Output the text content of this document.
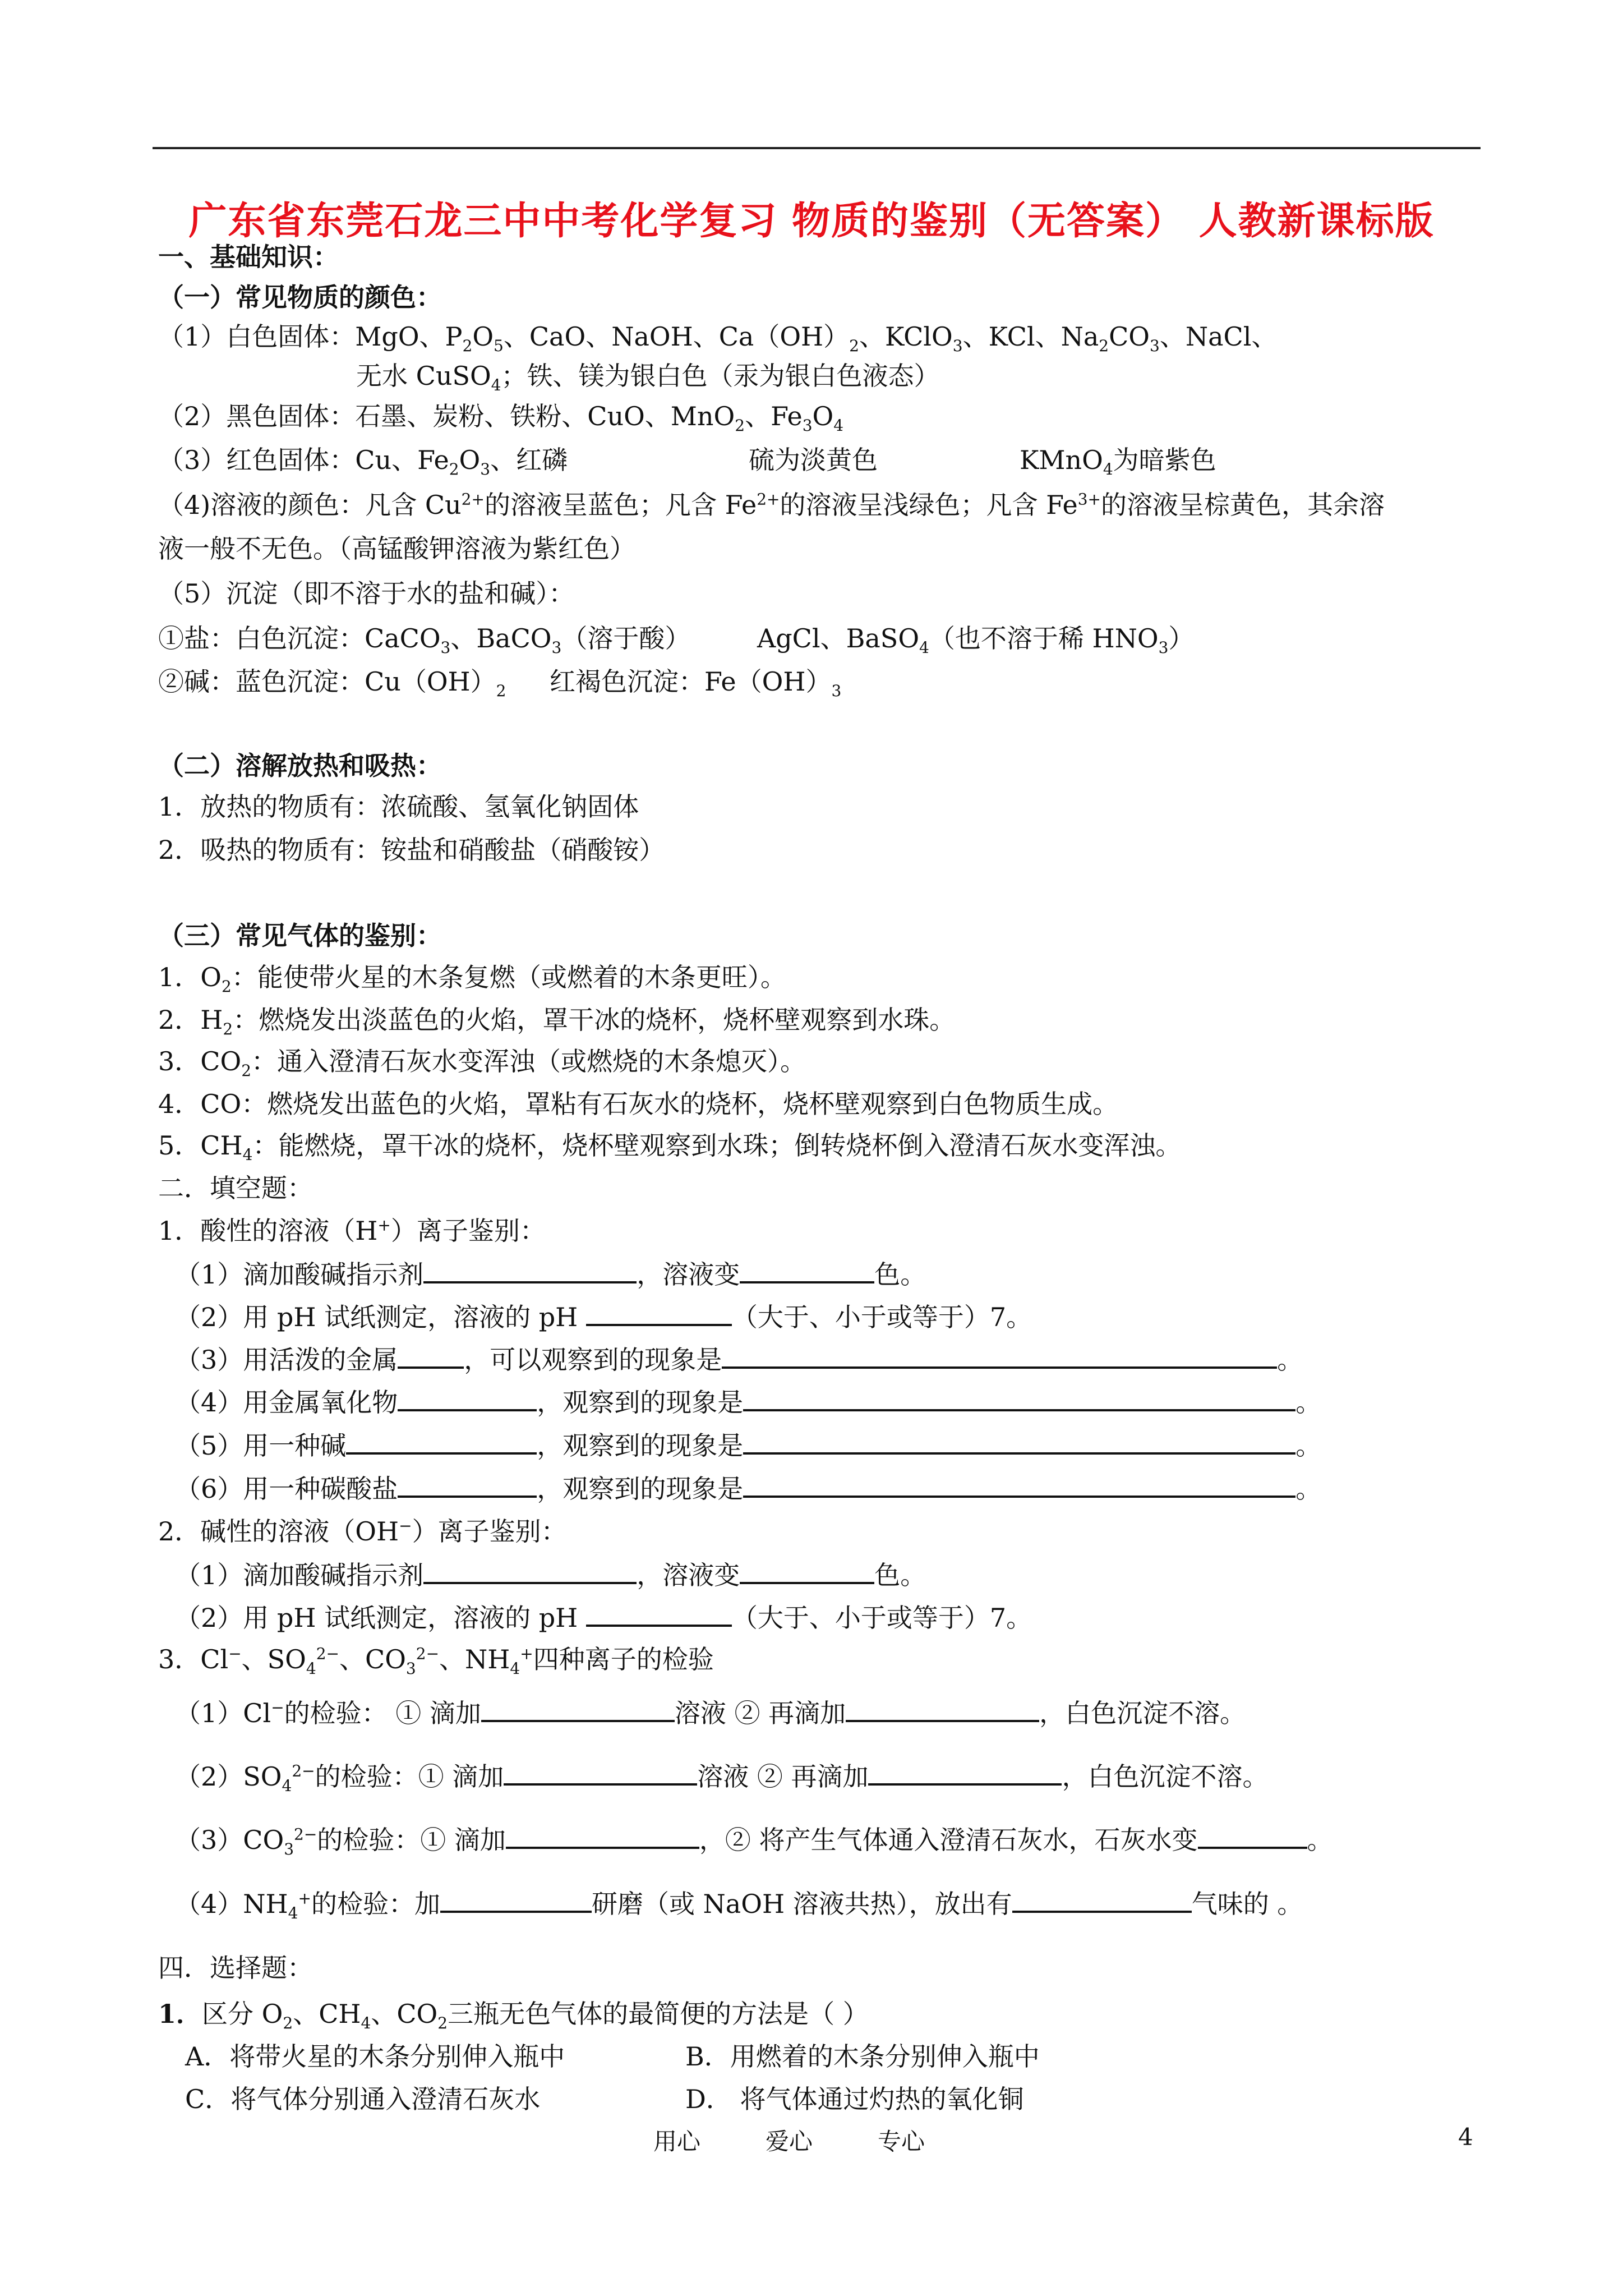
广东省东莞石龙三中中考化学复习 物质的鉴别（无答案） 人教新课标版
一、基础知识：
（一）常见物质的颜色：
（1）白色固体：MgO、$P_2O_5$、CaO、NaOH、$Ca(OH)_2$、KClO$_3$、KCl、$Na_2CO_3$、NaCl、
无水 CuSO$_4$；铁、镁为银白色（汞为银白色液态）
（2）黑色固体：石墨、炭粉、铁粉、CuO、MnO$_2$、$Fe_3O_4$
（3）红色固体：Cu、$Fe_2O_3$、红磷	硫为淡黄色	KMnO$_4$为暗紫色
（4)溶液的颜色：凡含 $Cu^{2+}$的溶液呈蓝色；凡含 $Fe^{2+}$的溶液呈浅绿色；凡含 $Fe^{3+}$的溶液呈棕黄色，其余溶
液一般不无色。（高锰酸钾溶液为紫红色）
（5）沉淀（即不溶于水的盐和碱）：
①盐：白色沉淀：CaCO$_3$、BaCO$_3$（溶于酸）	AgCl、BaSO$_4$（也不溶于稀 $HNO_3$）
②碱：蓝色沉淀：$Cu(OH)_2$ 红褐色沉淀：$Fe(OH)_3$
（二）溶解放热和吸热：
1．放热的物质有：浓硫酸、氢氧化钠固体
2．吸热的物质有：铵盐和硝酸盐（硝酸铵）
（三）常见气体的鉴别：
1．$O_2$：能使带火星的木条复燃（或燃着的木条更旺）。
2．$H_2$：燃烧发出淡蓝色的火焰，罩干冰的烧杯，烧杯壁观察到水珠。
3．$CO_2$：通入澄清石灰水变浑浊（或燃烧的木条熄灭）。
4．CO：燃烧发出蓝色的火焰，罩粘有石灰水的烧杯，烧杯壁观察到白色物质生成。
5．$CH_4$：能燃烧，罩干冰的烧杯，烧杯壁观察到水珠；倒转烧杯倒入澄清石灰水变浑浊。
二．填空题：
1．酸性的溶液（H+）离子鉴别：
（1）滴加酸碱指示剂	，溶液变	色。
（2）用 pH 试纸测定，溶液的 pH	（大于、小于或等于）7。
（3）用活泼的金属	，可以观察到的现象是	。
（4）用金属氧化物	，观察到的现象是	。
（5）用一种碱	，观察到的现象是	。
（6）用一种碳酸盐	，观察到的现象是	。
2．碱性的溶液（OH−）离子鉴别：
（1）滴加酸碱指示剂	，溶液变	色。
（2）用 pH 试纸测定，溶液的 pH	（大于、小于或等于）7。
3．Cl−、$SO_4^{2-}$、$CO_3^{2-}$、$NH_4^+$四种离子的检验
（1）Cl−的检验： ① 滴加	溶液 ② 再滴加	，白色沉淀不溶。
$(2)SO_4^{2-}$的检验：① 滴加	溶液 ② 再滴加	，白色沉淀不溶。
$(3)CO_3^{2-}$的检验：① 滴加	，② 将产生气体通入澄清石灰水，石灰水变	。
$(4)NH_4^+$的检验：加	研磨（或 NaOH 溶液共热），放出有	气味的 。
四．选择题：
1．区分 $O_2$、$CH_4$、$CO_2$三瓶无色气体的最简便的方法是（ ）
A．将带火星的木条分别伸入瓶中	B．用燃着的木条分别伸入瓶中
C．将气体分别通入澄清石灰水	D． 将气体通过灼热的氧化铜
用心	爱心	专心	4
